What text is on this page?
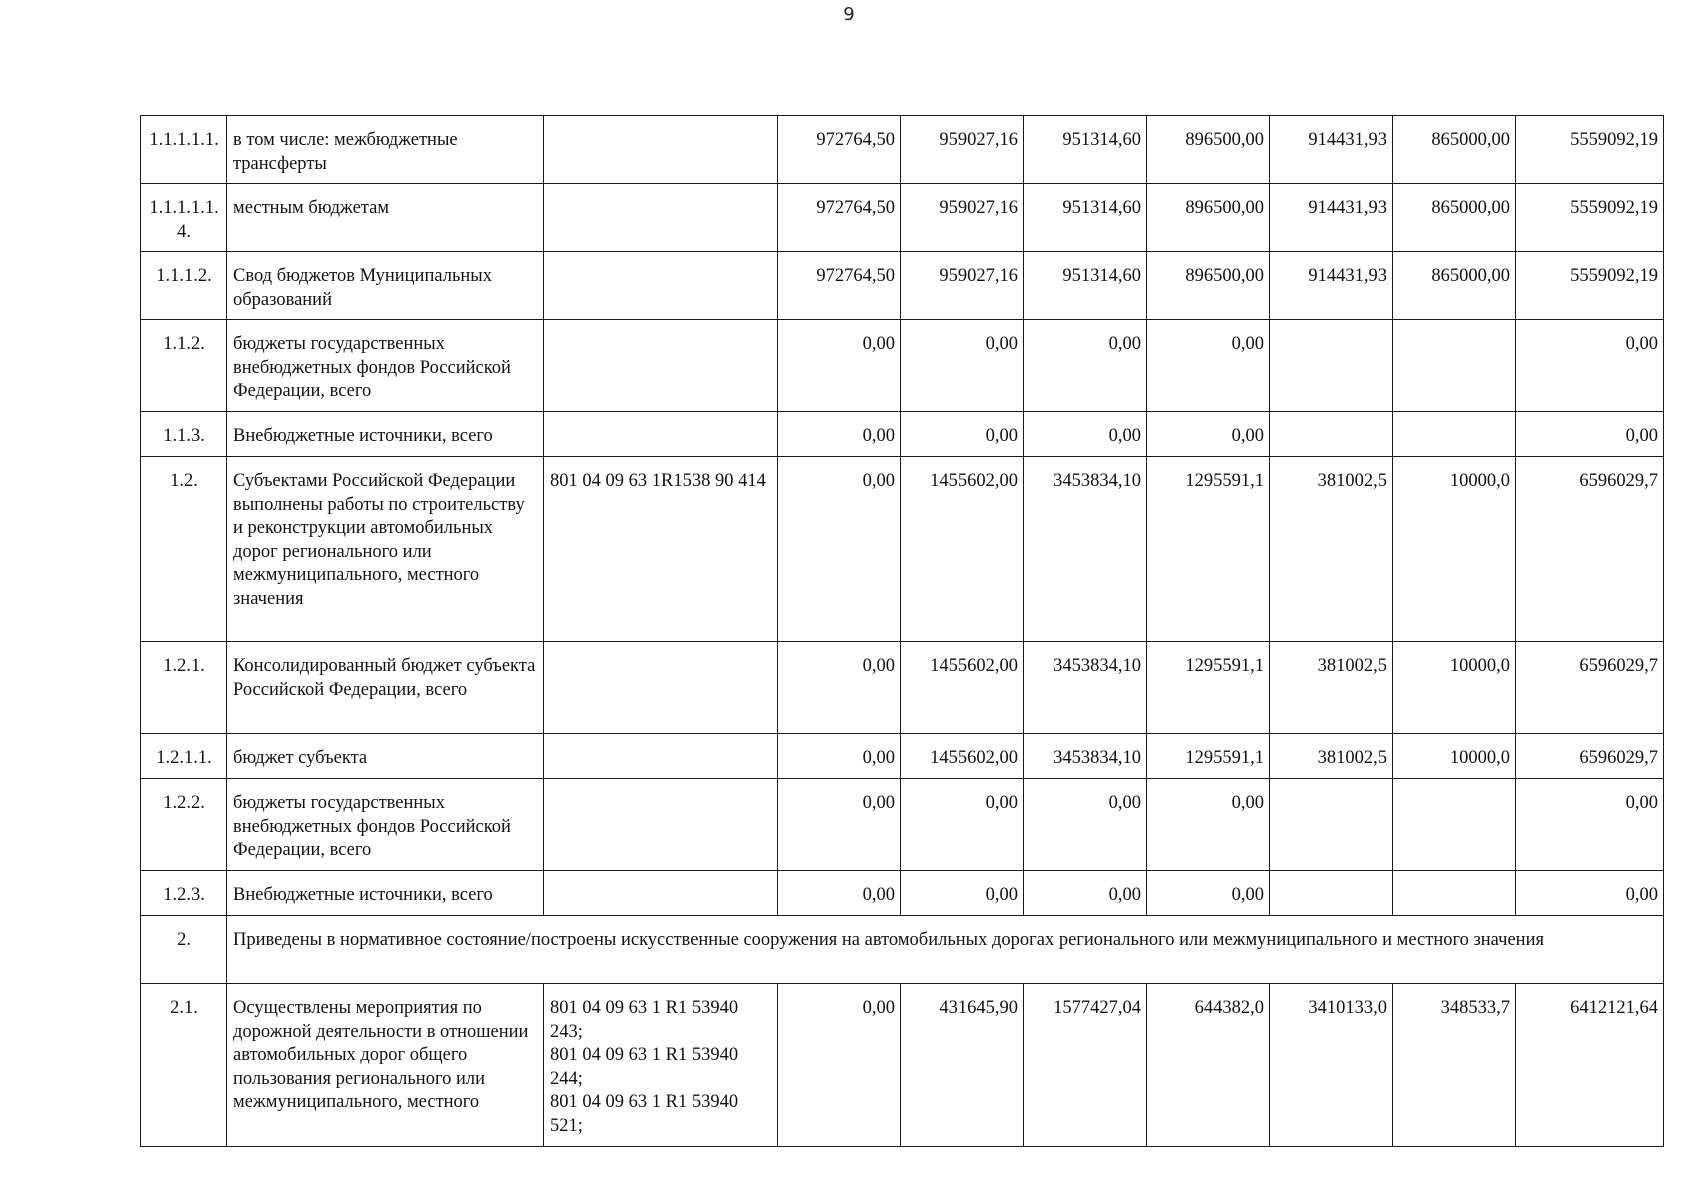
9
1.1.1.1.1.	в том числе: межбюджетные трансферты		972764,50	959027,16	951314,60	896500,00	914431,93	865000,00	5559092,19
1.1.1.1.1.4.	местным бюджетам		972764,50	959027,16	951314,60	896500,00	914431,93	865000,00	5559092,19
1.1.1.2.	Свод бюджетов Муниципальных образований		972764,50	959027,16	951314,60	896500,00	914431,93	865000,00	5559092,19
1.1.2.	бюджеты государственных внебюджетных фондов Российской Федерации, всего		0,00	0,00	0,00	0,00			0,00
1.1.3.	Внебюджетные источники, всего		0,00	0,00	0,00	0,00			0,00
1.2.	Субъектами Российской Федерации выполнены работы по строительству и реконструкции автомобильных дорог регионального или межмуниципального, местного значения	801 04 09 63 1R1538 90 414	0,00	1455602,00	3453834,10	1295591,1	381002,5	10000,0	6596029,7
1.2.1.	Консолидированный бюджет субъекта Российской Федерации, всего		0,00	1455602,00	3453834,10	1295591,1	381002,5	10000,0	6596029,7
1.2.1.1.	бюджет субъекта		0,00	1455602,00	3453834,10	1295591,1	381002,5	10000,0	6596029,7
1.2.2.	бюджеты государственных внебюджетных фондов Российской Федерации, всего		0,00	0,00	0,00	0,00			0,00
1.2.3.	Внебюджетные источники, всего		0,00	0,00	0,00	0,00			0,00
2.	Приведены в нормативное состояние/построены искусственные сооружения на автомобильных дорогах регионального или межмуниципального и местного значения								
2.1.	Осуществлены мероприятия по дорожной деятельности в отношении автомобильных дорог общего пользования регионального или межмуниципального, местного	801 04 09 63 1 R1 53940 243;
801 04 09 63 1 R1 53940 244;
801 04 09 63 1 R1 53940 521;	0,00	431645,90	1577427,04	644382,0	3410133,0	348533,7	6412121,64
